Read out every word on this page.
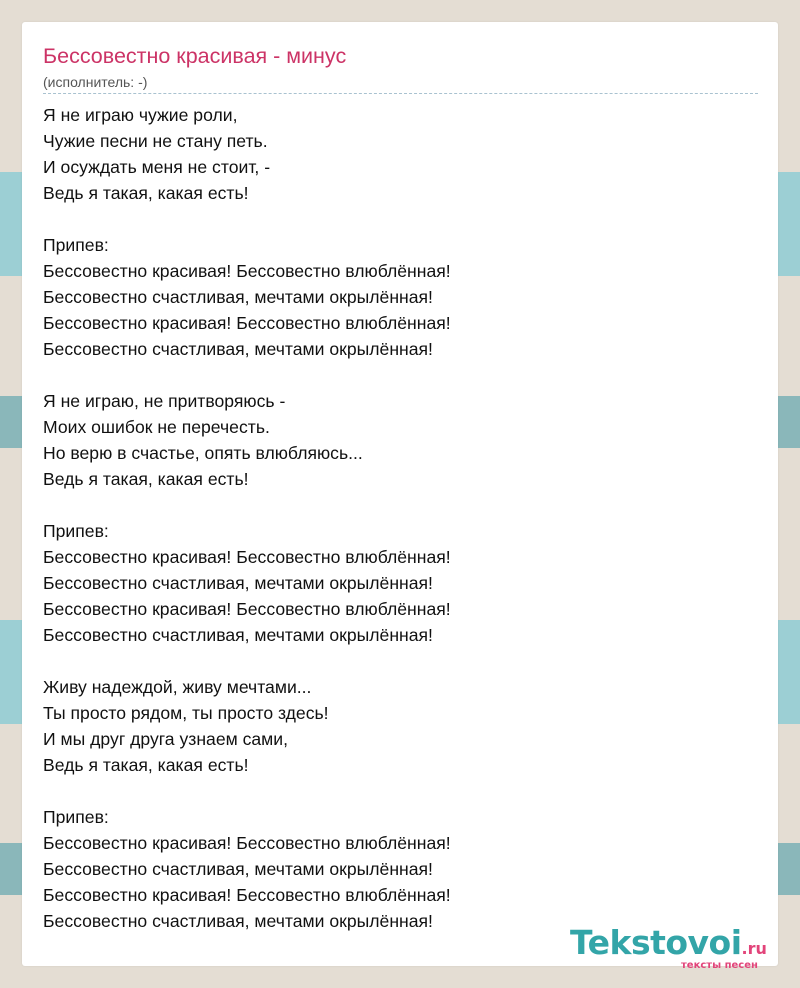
Бессовестно красивая - минус
(исполнитель: -)
Я не играю чужие роли,
Чужие песни не стану петь.
И осуждать меня не стоит, -
Ведь я такая, какая есть!
Припев:
Бессовестно красивая! Бессовестно влюблённая!
Бессовестно счастливая, мечтами окрылённая!
Бессовестно красивая! Бессовестно влюблённая!
Бессовестно счастливая, мечтами окрылённая!
Я не играю, не притворяюсь -
Моих ошибок не перечесть.
Но верю в счастье, опять влюбляюсь...
Ведь я такая, какая есть!
Припев:
Бессовестно красивая! Бессовестно влюблённая!
Бессовестно счастливая, мечтами окрылённая!
Бессовестно красивая! Бессовестно влюблённая!
Бессовестно счастливая, мечтами окрылённая!
Живу надеждой, живу мечтами...
Ты просто рядом, ты просто здесь!
И мы друг друга узнаем сами,
Ведь я такая, какая есть!
Припев:
Бессовестно красивая! Бессовестно влюблённая!
Бессовестно счастливая, мечтами окрылённая!
Бессовестно красивая! Бессовестно влюблённая!
Бессовестно счастливая, мечтами окрылённая!
Tekstovoi.ru
тексты песен
